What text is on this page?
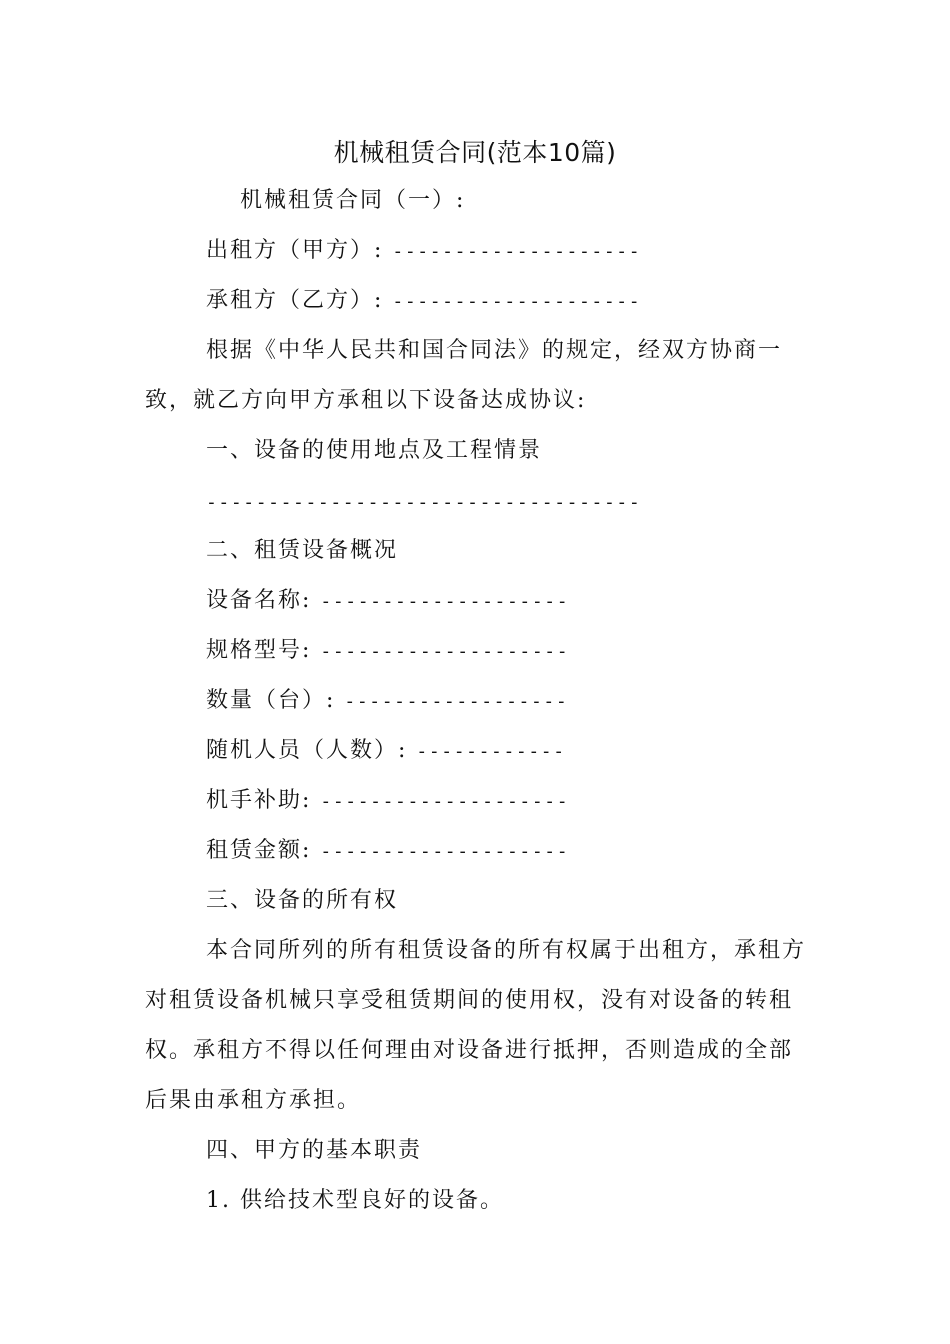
机械租赁合同(范本10篇)
机械租赁合同（一）:
出租方（甲方）: --------------------
承租方（乙方）: --------------------
根据《中华人民共和国合同法》的规定，经双方协商一
致，就乙方向甲方承租以下设备达成协议:
一、设备的使用地点及工程情景
-----------------------------------
二、租赁设备概况
设备名称: --------------------
规格型号: --------------------
数量（台）: ------------------
随机人员（人数）: ------------
机手补助: --------------------
租赁金额: --------------------
三、设备的所有权
本合同所列的所有租赁设备的所有权属于出租方，承租方
对租赁设备机械只享受租赁期间的使用权，没有对设备的转租
权。承租方不得以任何理由对设备进行抵押，否则造成的全部
后果由承租方承担。
四、甲方的基本职责
1. 供给技术型良好的设备。
